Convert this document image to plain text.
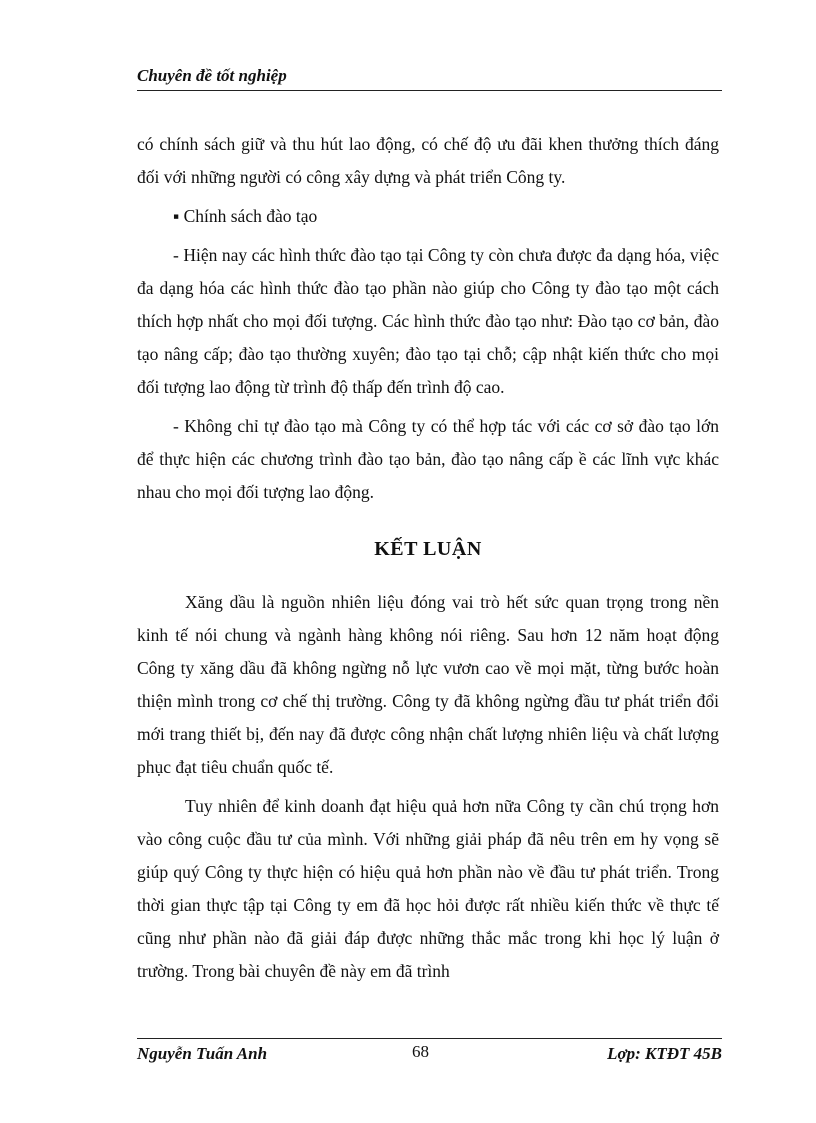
Chuyên đề tốt nghiệp

có chính sách giữ và thu hút lao động, có chế độ ưu đãi khen thưởng thích đáng đối với những người có công xây dựng và phát triển Công ty.

▪ Chính sách đào tạo

- Hiện nay các hình thức đào tạo tại Công ty còn chưa được đa dạng hóa, việc đa dạng hóa các hình thức đào tạo phần nào giúp cho Công ty đào tạo một cách thích hợp nhất cho mọi đối tượng. Các hình thức đào tạo như: Đào tạo cơ bản, đào tạo nâng cấp; đào tạo thường xuyên; đào tạo tại chỗ; cập nhật kiến thức cho mọi đối tượng lao động từ trình độ thấp đến trình độ cao.

- Không chỉ tự đào tạo mà Công ty có thể hợp tác với các cơ sở đào tạo lớn để thực hiện các chương trình đào tạo bản, đào tạo nâng cấp ề các lĩnh vực khác nhau cho mọi đối tượng lao động.

KẾT LUẬN

Xăng dầu là nguồn nhiên liệu đóng vai trò hết sức quan trọng trong nền kinh tế nói chung và ngành hàng không nói riêng. Sau hơn 12 năm hoạt động Công ty xăng dầu đã không ngừng nỗ lực vươn cao về mọi mặt, từng bước hoàn thiện mình trong cơ chế thị trường. Công ty đã không ngừng đầu tư phát triển đổi mới trang thiết bị, đến nay đã được công nhận chất lượng nhiên liệu và chất lượng phục đạt tiêu chuẩn quốc tế.

Tuy nhiên để kinh doanh đạt hiệu quả hơn nữa Công ty cần chú trọng hơn vào công cuộc đầu tư của mình. Với những giải pháp đã nêu trên em hy vọng sẽ giúp quý Công ty thực hiện có hiệu quả hơn phần nào về đầu tư phát triển. Trong thời gian thực tập tại Công ty em đã học hỏi được rất nhiều kiến thức về thực tế cũng như phần nào đã giải đáp được những thắc mắc trong khi học lý luận ở trường. Trong bài chuyên đề này em đã trình

Nguyễn Tuấn Anh	68	Lợp: KTĐT 45B
